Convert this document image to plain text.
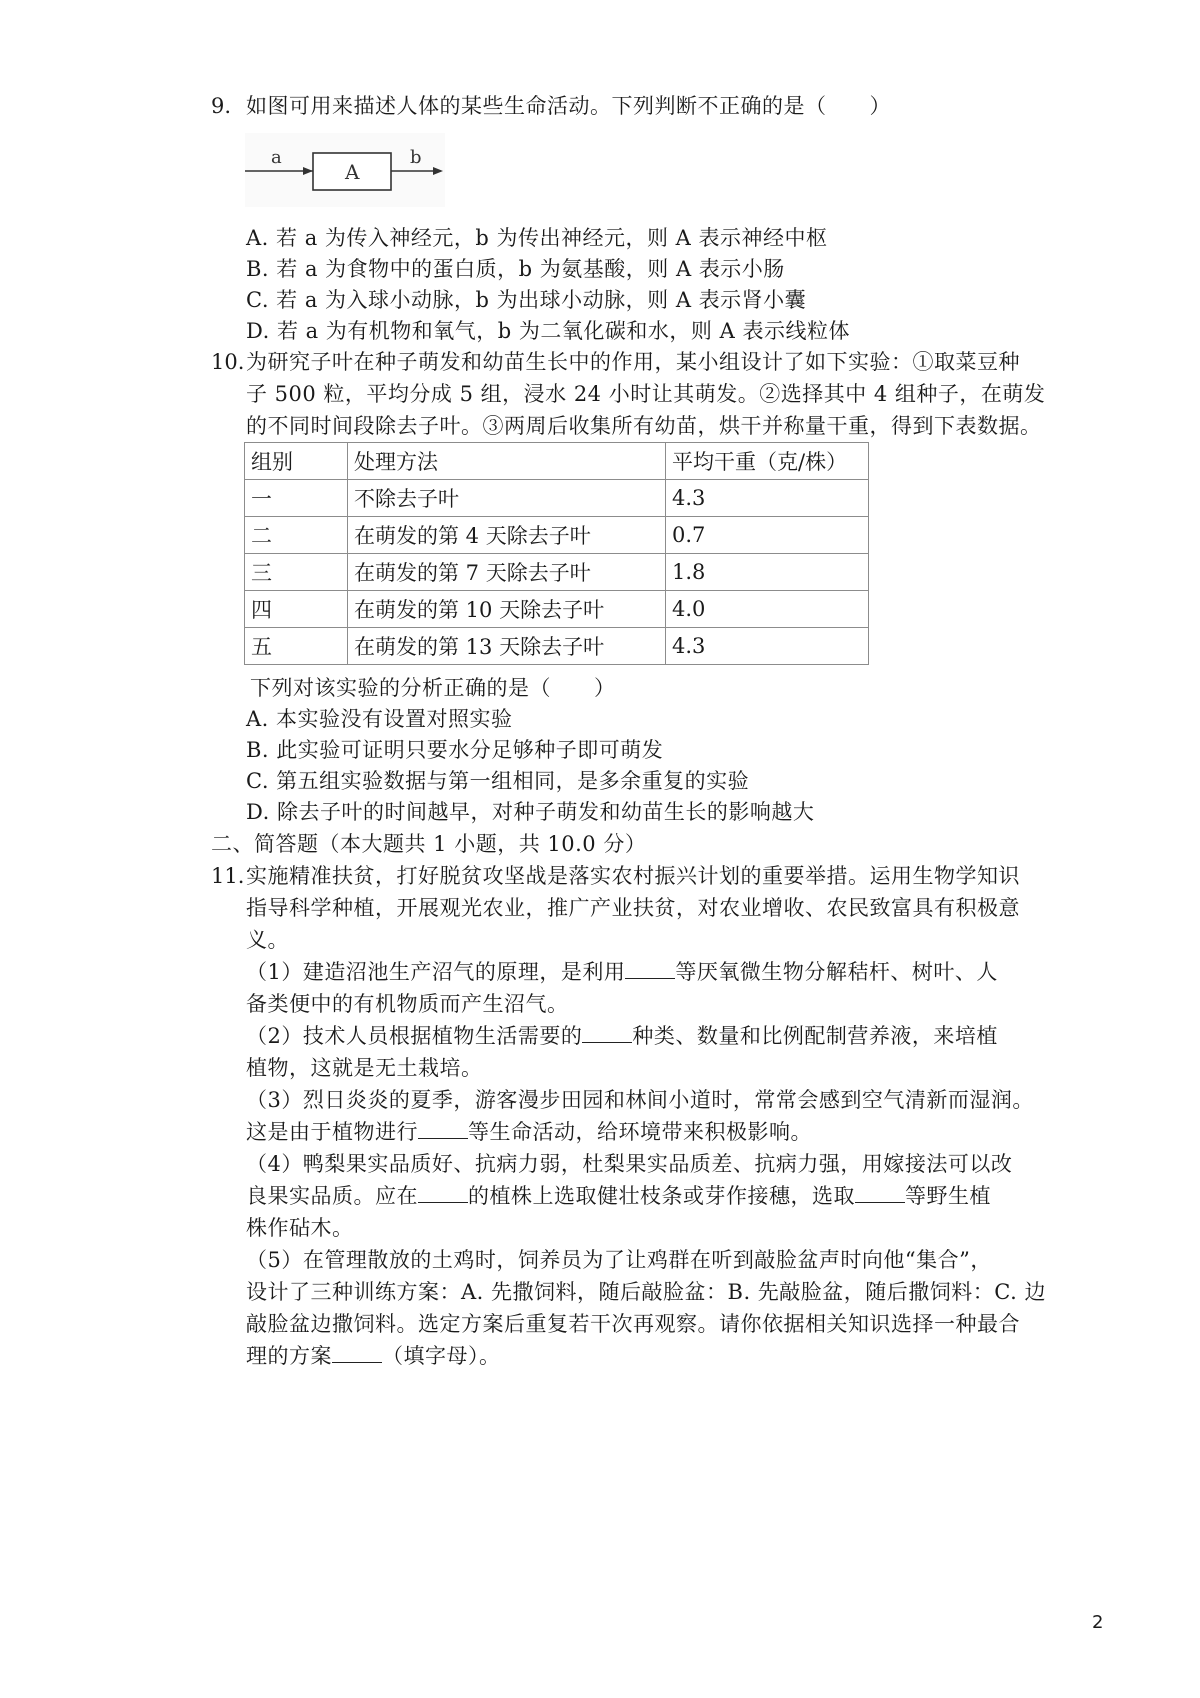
9. 如图可用来描述人体的某些生命活动。下列判断不正确的是（　　）
a
A
b
A. 若 a 为传入神经元，b 为传出神经元，则 A 表示神经中枢
B. 若 a 为食物中的蛋白质，b 为氨基酸，则 A 表示小肠
C. 若 a 为入球小动脉，b 为出球小动脉，则 A 表示肾小囊
D. 若 a 为有机物和氧气，b 为二氧化碳和水，则 A 表示线粒体
10. 为研究子叶在种子萌发和幼苗生长中的作用，某小组设计了如下实验：①取菜豆种
子 500 粒，平均分成 5 组，浸水 24 小时让其萌发。②选择其中 4 组种子，在萌发
的不同时间段除去子叶。③两周后收集所有幼苗，烘干并称量干重，得到下表数据。
组别	处理方法	平均干重（克/株）
一	不除去子叶	4.3
二	在萌发的第 4 天除去子叶	0.7
三	在萌发的第 7 天除去子叶	1.8
四	在萌发的第 10 天除去子叶	4.0
五	在萌发的第 13 天除去子叶	4.3
下列对该实验的分析正确的是（　　）
A. 本实验没有设置对照实验
B. 此实验可证明只要水分足够种子即可萌发
C. 第五组实验数据与第一组相同，是多余重复的实验
D. 除去子叶的时间越早，对种子萌发和幼苗生长的影响越大
二、简答题（本大题共 1 小题，共 10.0 分）
11. 实施精准扶贫，打好脱贫攻坚战是落实农村振兴计划的重要举措。运用生物学知识
指导科学种植，开展观光农业，推广产业扶贫，对农业增收、农民致富具有积极意
义。
（1）建造沼池生产沼气的原理，是利用 等厌氧微生物分解秸杆、树叶、人
备类便中的有机物质而产生沼气。
（2）技术人员根据植物生活需要的 种类、数量和比例配制营养液，来培植
植物，这就是无土栽培。
（3）烈日炎炎的夏季，游客漫步田园和林间小道时，常常会感到空气清新而湿润。
这是由于植物进行 等生命活动，给环境带来积极影响。
（4）鸭梨果实品质好、抗病力弱，杜梨果实品质差、抗病力强，用嫁接法可以改
良果实品质。应在 的植株上选取健壮枝条或芽作接穗，选取 等野生植
株作砧木。
（5）在管理散放的土鸡时，饲养员为了让鸡群在听到敲脸盆声时向他“集合”，
设计了三种训练方案：A. 先撒饲料，随后敲脸盆：B. 先敲脸盆，随后撒饲料：C. 边
敲脸盆边撒饲料。选定方案后重复若干次再观察。请你依据相关知识选择一种最合
理的方案 （填字母）。
2
